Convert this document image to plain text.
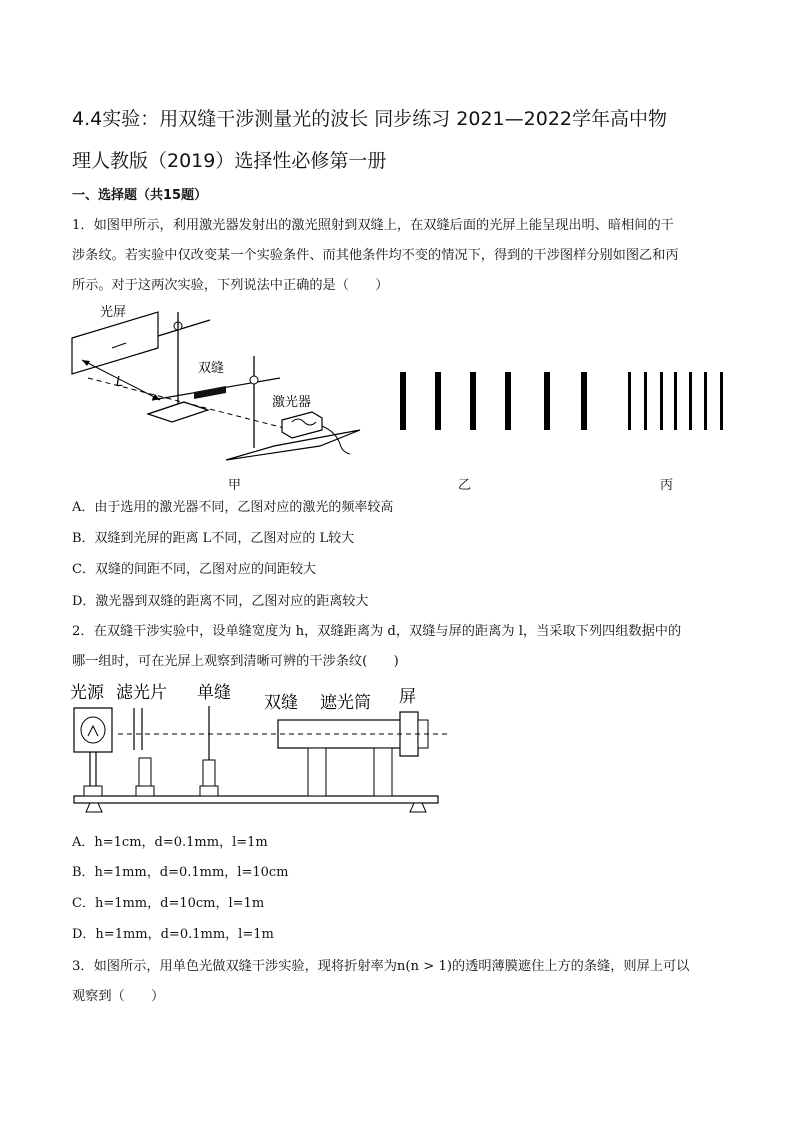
4.4实验：用双缝干涉测量光的波长 同步练习 2021—2022学年高中物
理人教版（2019）选择性必修第一册
一、选择题（共15题）
1．如图甲所示，利用激光器发射出的激光照射到双缝上，在双缝后面的光屏上能呈现出明、暗相间的干
涉条纹。若实验中仅改变某一个实验条件、而其他条件均不变的情况下，得到的干涉图样分别如图乙和丙
所示。对于这两次实验，下列说法中正确的是（　　）
光屏
L
双缝
激光器
甲	乙	丙
A．由于选用的激光器不同，乙图对应的激光的频率较高
B．双缝到光屏的距离 L不同，乙图对应的 L较大
C．双缝的间距不同，乙图对应的间距较大
D．激光器到双缝的距离不同，乙图对应的距离较大
2．在双缝干涉实验中，设单缝宽度为 h，双缝距离为 d，双缝与屏的距离为 l，当采取下列四组数据中的
哪一组时，可在光屏上观察到清晰可辨的干涉条纹(　　)
光源 滤光片 单缝 双缝 遮光筒 屏
A．h=1cm，d=0.1mm，l=1m
B．h=1mm，d=0.1mm，l=10cm
C．h=1mm，d=10cm，l=1m
D．h=1mm，d=0.1mm，l=1m
3．如图所示，用单色光做双缝干涉实验，现将折射率为n(n > 1)的透明薄膜遮住上方的条缝，则屏上可以
观察到（　　）
